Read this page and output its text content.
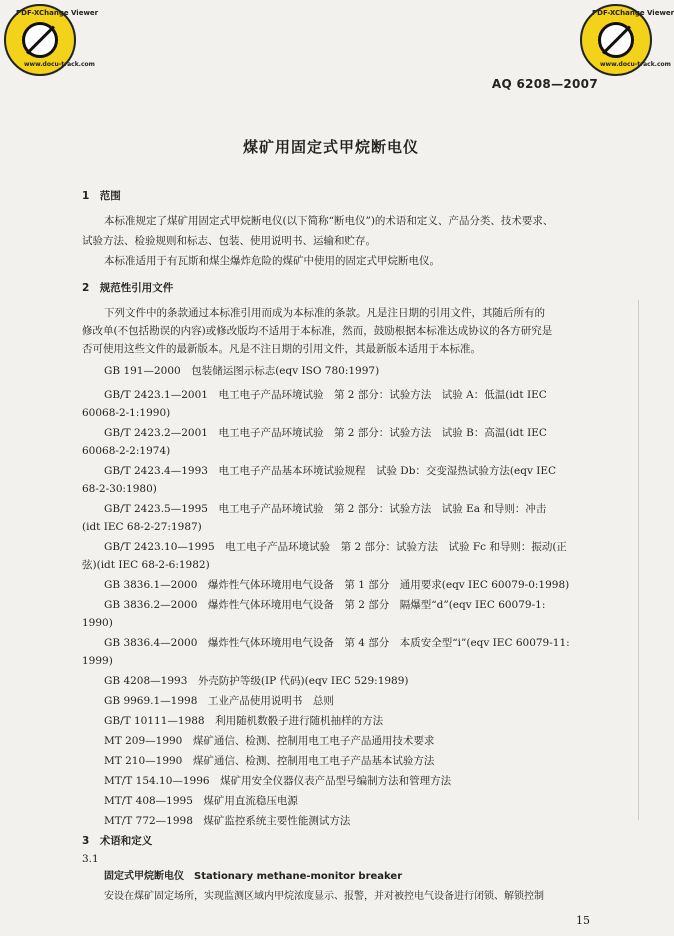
PDF-XChange Viewer
www.docu-track.com
PDF-XChange Viewer
www.docu-track.com
AQ 6208—2007
煤矿用固定式甲烷断电仪
1　范围
本标准规定了煤矿用固定式甲烷断电仪(以下简称“断电仪”)的术语和定义、产品分类、技术要求、
试验方法、检验规则和标志、包装、使用说明书、运输和贮存。
本标准适用于有瓦斯和煤尘爆炸危险的煤矿中使用的固定式甲烷断电仪。
2　规范性引用文件
下列文件中的条款通过本标准引用而成为本标准的条款。凡是注日期的引用文件，其随后所有的
修改单(不包括勘误的内容)或修改版均不适用于本标准，然而，鼓励根据本标准达成协议的各方研究是
否可使用这些文件的最新版本。凡是不注日期的引用文件，其最新版本适用于本标准。
GB 191—2000　包装储运图示标志(eqv ISO 780:1997)
GB/T 2423.1—2001　电工电子产品环境试验　第 2 部分：试验方法　试验 A：低温(idt IEC
60068-2-1:1990)
GB/T 2423.2—2001　电工电子产品环境试验　第 2 部分：试验方法　试验 B：高温(idt IEC
60068-2-2:1974)
GB/T 2423.4—1993　电工电子产品基本环境试验规程　试验 Db：交变湿热试验方法(eqv IEC
68-2-30:1980)
GB/T 2423.5—1995　电工电子产品环境试验　第 2 部分：试验方法　试验 Ea 和导则：冲击
(idt IEC 68-2-27:1987)
GB/T 2423.10—1995　电工电子产品环境试验　第 2 部分：试验方法　试验 Fc 和导则：振动(正
弦)(idt IEC 68-2-6:1982)
GB 3836.1—2000　爆炸性气体环境用电气设备　第 1 部分　通用要求(eqv IEC 60079-0:1998)
GB 3836.2—2000　爆炸性气体环境用电气设备　第 2 部分　隔爆型“d”(eqv IEC 60079-1:
1990)
GB 3836.4—2000　爆炸性气体环境用电气设备　第 4 部分　本质安全型“i”(eqv IEC 60079-11:
1999)
GB 4208—1993　外壳防护等级(IP 代码)(eqv IEC 529:1989)
GB 9969.1—1998　工业产品使用说明书　总则
GB/T 10111—1988　利用随机数骰子进行随机抽样的方法
MT 209—1990　煤矿通信、检测、控制用电工电子产品通用技术要求
MT 210—1990　煤矿通信、检测、控制用电工电子产品基本试验方法
MT/T 154.10—1996　煤矿用安全仪器仪表产品型号编制方法和管理方法
MT/T 408—1995　煤矿用直流稳压电源
MT/T 772—1998　煤矿监控系统主要性能测试方法
3　术语和定义
3.1
固定式甲烷断电仪　Stationary methane-monitor breaker
安设在煤矿固定场所，实现监测区域内甲烷浓度显示、报警，并对被控电气设备进行闭锁、解锁控制
15
